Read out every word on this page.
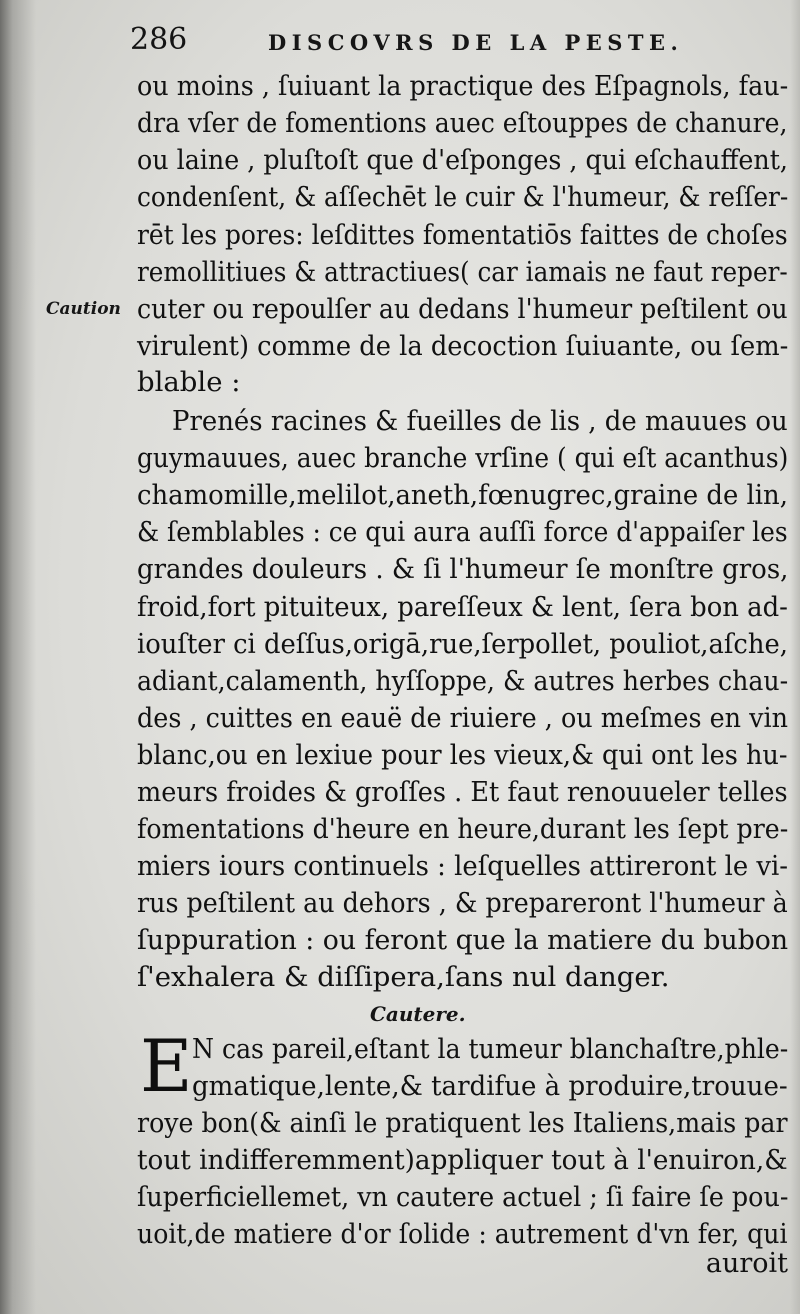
286	DISCOVRS DE LA PESTE.
Caution
ou moins , ſuiuant la practique des Eſpagnols, fau-
dra vſer de fomentions auec eſtouppes de chanure,
ou laine , pluſtoſt que d'eſponges , qui eſchauffent,
condenſent, & aſſechēt le cuir & l'humeur, & reſſer-
rēt les pores: leſdittes fomentatiōs faittes de choſes
remollitiues & attractiues( car iamais ne faut reper-
cuter ou repoulſer au dedans l'humeur peſtilent ou
virulent) comme de la decoction ſuiuante, ou ſem-
blable :
Prenés racines & fueilles de lis , de mauues ou
guymauues, auec branche vrſine ( qui eſt acanthus)
chamomille,melilot,aneth,fœnugrec,graine de lin,
& ſemblables : ce qui aura auſſi force d'appaiſer les
grandes douleurs . & ſi l'humeur ſe monſtre gros,
froid,fort pituiteux, pareſſeux & lent, ſera bon ad-
iouſter ci deſſus,origā,rue,ſerpollet, pouliot,aſche,
adiant,calamenth, hyſſoppe, & autres herbes chau-
des , cuittes en eauë de riuiere , ou meſmes en vin
blanc,ou en lexiue pour les vieux,& qui ont les hu-
meurs froides & groſſes . Et faut renouueler telles
fomentations d'heure en heure,durant les ſept pre-
miers iours continuels : leſquelles attireront le vi-
rus peſtilent au dehors , & prepareront l'humeur à
ſuppuration : ou feront que la matiere du bubon
ſ'exhalera & diſſipera,ſans nul danger.
Cautere.
E N cas pareil,eſtant la tumeur blanchaſtre,phle-
gmatique,lente,& tardifue à produire,trouue-
roye bon(& ainſi le pratiquent les Italiens,mais par
tout indifferemment)appliquer tout à l'enuiron,&
ſuperficiellemet, vn cautere actuel ; ſi faire ſe pou-
uoit,de matiere d'or ſolide : autrement d'vn fer, qui
auroit
